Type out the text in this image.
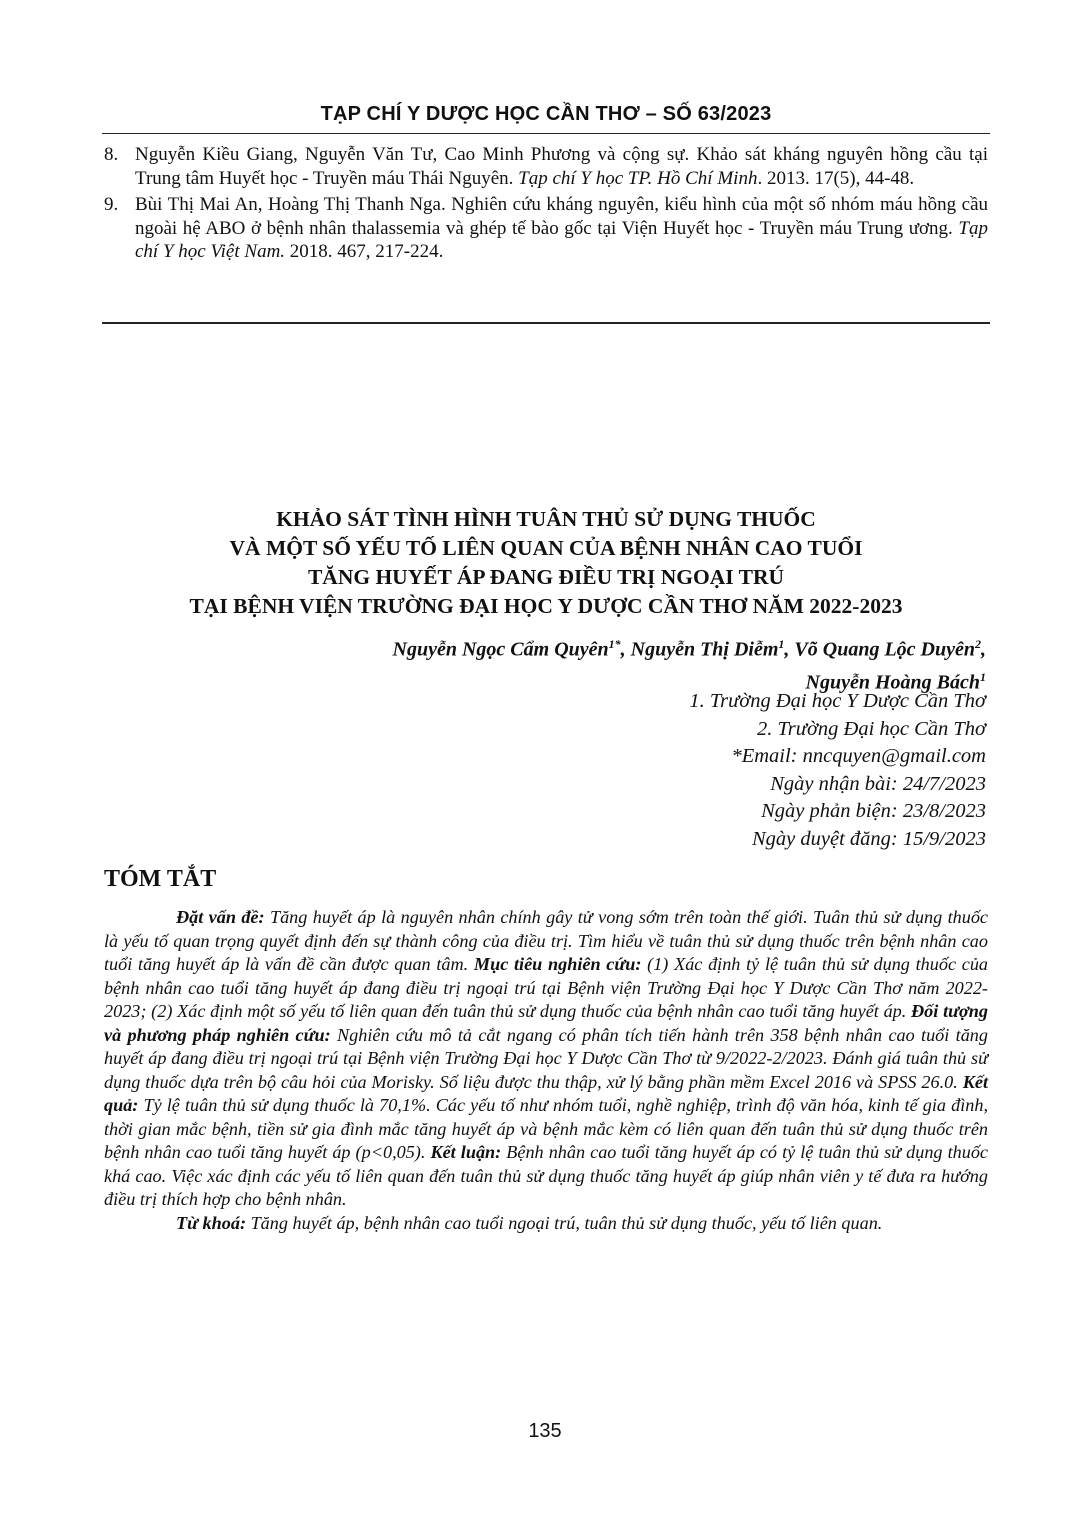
TẠP CHÍ Y DƯỢC HỌC CẦN THƠ – SỐ 63/2023
8. Nguyễn Kiều Giang, Nguyễn Văn Tư, Cao Minh Phương và cộng sự. Khảo sát kháng nguyên hồng cầu tại Trung tâm Huyết học - Truyền máu Thái Nguyên. Tạp chí Y học TP. Hồ Chí Minh. 2013. 17(5), 44-48.
9. Bùi Thị Mai An, Hoàng Thị Thanh Nga. Nghiên cứu kháng nguyên, kiểu hình của một số nhóm máu hồng cầu ngoài hệ ABO ở bệnh nhân thalassemia và ghép tế bào gốc tại Viện Huyết học - Truyền máu Trung ương. Tạp chí Y học Việt Nam. 2018. 467, 217-224.
KHẢO SÁT TÌNH HÌNH TUÂN THỦ SỬ DỤNG THUỐC
VÀ MỘT SỐ YẾU TỐ LIÊN QUAN CỦA BỆNH NHÂN CAO TUỔI
TĂNG HUYẾT ÁP ĐANG ĐIỀU TRỊ NGOẠI TRÚ
TẠI BỆNH VIỆN TRƯỜNG ĐẠI HỌC Y DƯỢC CẦN THƠ NĂM 2022-2023
Nguyễn Ngọc Cẩm Quyên$^{1*}$, Nguyễn Thị Diễm$^1$, Võ Quang Lộc Duyên$^2$,
Nguyễn Hoàng Bách$^1$
1. Trường Đại học Y Dược Cần Thơ
2. Trường Đại học Cần Thơ
*Email: nncquyen@gmail.com
Ngày nhận bài: 24/7/2023
Ngày phản biện: 23/8/2023
Ngày duyệt đăng: 15/9/2023
TÓM TẮT

Đặt vấn đề: Tăng huyết áp là nguyên nhân chính gây tử vong sớm trên toàn thế giới. Tuân thủ sử dụng thuốc là yếu tố quan trọng quyết định đến sự thành công của điều trị. Tìm hiểu về tuân thủ sử dụng thuốc trên bệnh nhân cao tuổi tăng huyết áp là vấn đề cần được quan tâm. Mục tiêu nghiên cứu: (1) Xác định tỷ lệ tuân thủ sử dụng thuốc của bệnh nhân cao tuổi tăng huyết áp đang điều trị ngoại trú tại Bệnh viện Trường Đại học Y Dược Cần Thơ năm 2022-2023; (2) Xác định một số yếu tố liên quan đến tuân thủ sử dụng thuốc của bệnh nhân cao tuổi tăng huyết áp. Đối tượng và phương pháp nghiên cứu: Nghiên cứu mô tả cắt ngang có phân tích tiến hành trên 358 bệnh nhân cao tuổi tăng huyết áp đang điều trị ngoại trú tại Bệnh viện Trường Đại học Y Dược Cần Thơ từ 9/2022-2/2023. Đánh giá tuân thủ sử dụng thuốc dựa trên bộ câu hỏi của Morisky. Số liệu được thu thập, xử lý bằng phần mềm Excel 2016 và SPSS 26.0. Kết quả: Tỷ lệ tuân thủ sử dụng thuốc là 70,1%. Các yếu tố như nhóm tuổi, nghề nghiệp, trình độ văn hóa, kinh tế gia đình, thời gian mắc bệnh, tiền sử gia đình mắc tăng huyết áp và bệnh mắc kèm có liên quan đến tuân thủ sử dụng thuốc trên bệnh nhân cao tuổi tăng huyết áp (p<0,05). Kết luận: Bệnh nhân cao tuổi tăng huyết áp có tỷ lệ tuân thủ sử dụng thuốc khá cao. Việc xác định các yếu tố liên quan đến tuân thủ sử dụng thuốc tăng huyết áp giúp nhân viên y tế đưa ra hướng điều trị thích hợp cho bệnh nhân.

Từ khoá: Tăng huyết áp, bệnh nhân cao tuổi ngoại trú, tuân thủ sử dụng thuốc, yếu tố liên quan.

135
